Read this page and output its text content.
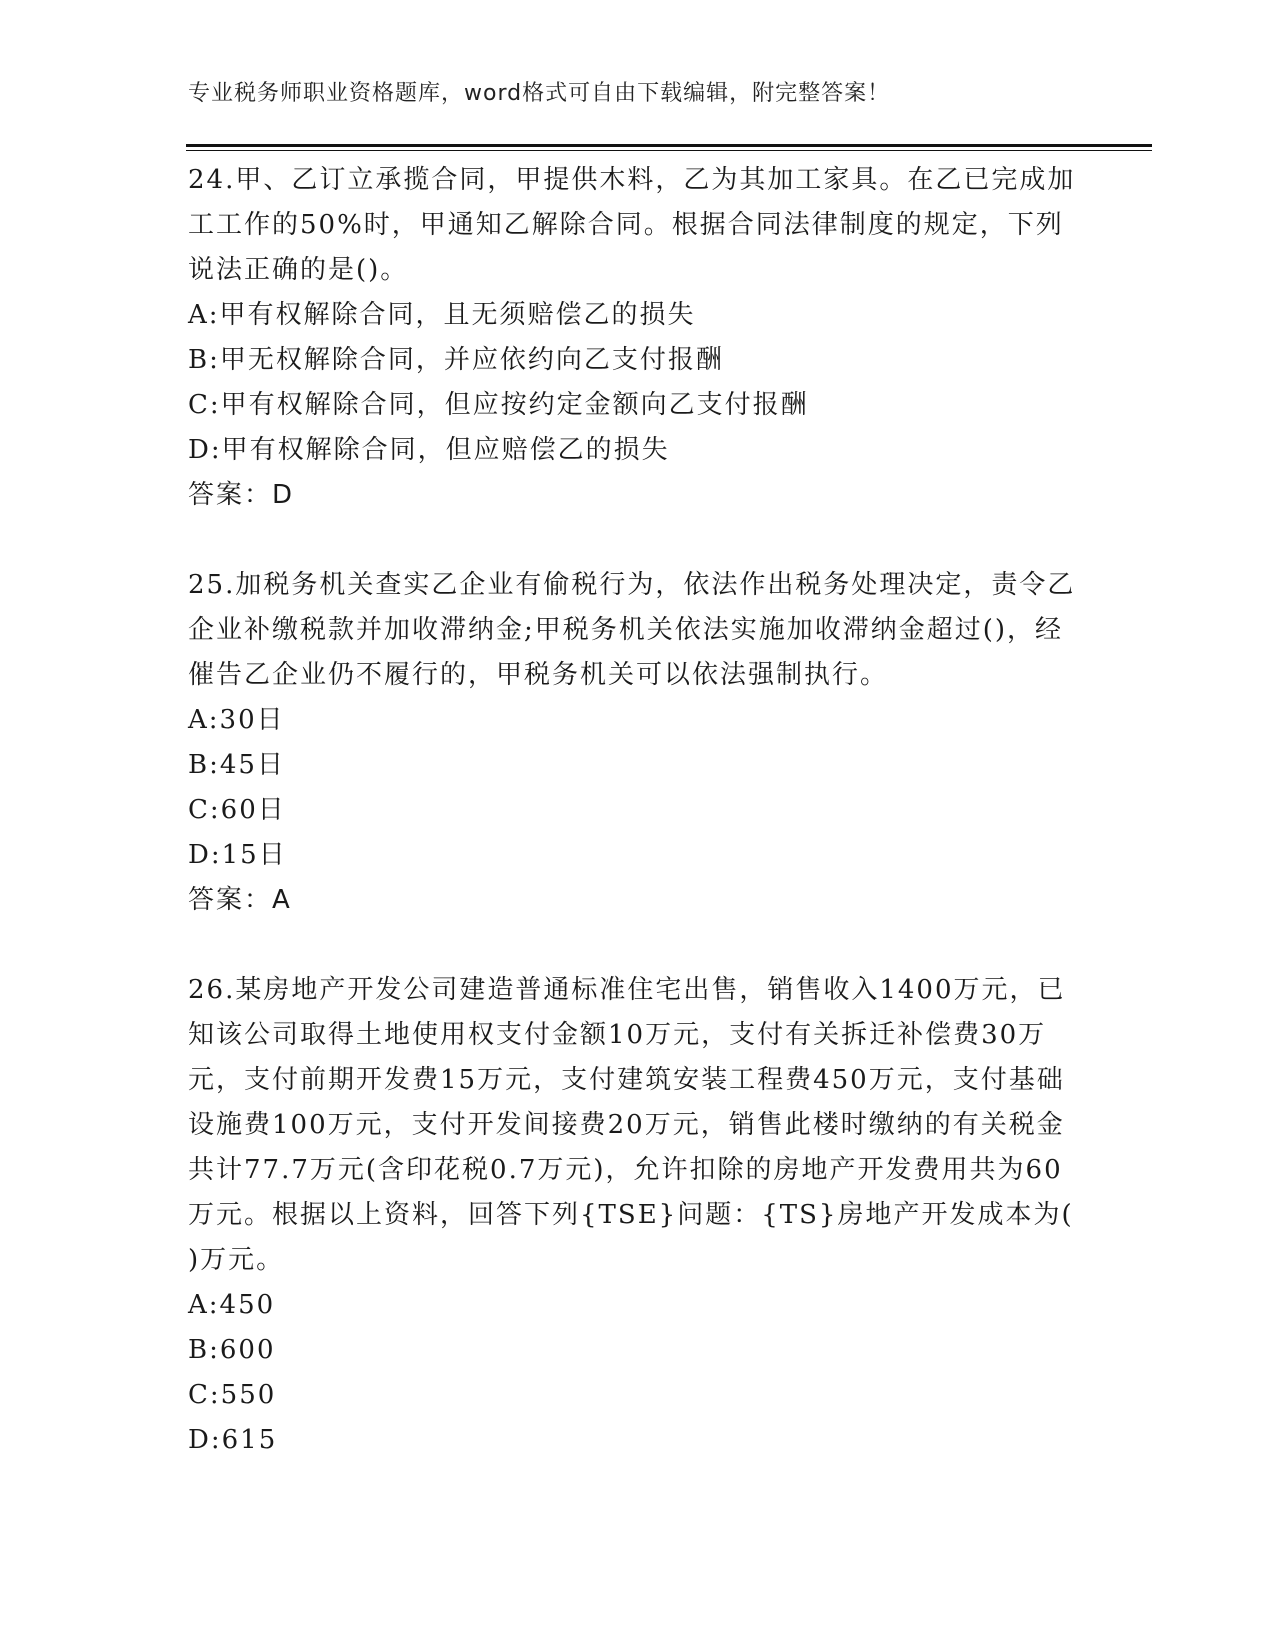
专业税务师职业资格题库，word格式可自由下载编辑，附完整答案！

24.甲、乙订立承揽合同，甲提供木料，乙为其加工家具。在乙已完成加工工作的50%时，甲通知乙解除合同。根据合同法律制度的规定，下列说法正确的是()。

A:甲有权解除合同，且无须赔偿乙的损失

B:甲无权解除合同，并应依约向乙支付报酬

C:甲有权解除合同，但应按约定金额向乙支付报酬

D:甲有权解除合同，但应赔偿乙的损失

答案：D

25.加税务机关查实乙企业有偷税行为，依法作出税务处理决定，责令乙企业补缴税款并加收滞纳金;甲税务机关依法实施加收滞纳金超过()，经催告乙企业仍不履行的，甲税务机关可以依法强制执行。

A:30日

B:45日

C:60日

D:15日

答案：A

26.某房地产开发公司建造普通标准住宅出售，销售收入1400万元，已知该公司取得土地使用权支付金额10万元，支付有关拆迁补偿费30万元，支付前期开发费15万元，支付建筑安装工程费450万元，支付基础设施费100万元，支付开发间接费20万元，销售此楼时缴纳的有关税金共计77.7万元(含印花税0.7万元)，允许扣除的房地产开发费用共为60万元。根据以上资料，回答下列{TSE}问题：{TS}房地产开发成本为( )万元。

A:450

B:600

C:550

D:615
